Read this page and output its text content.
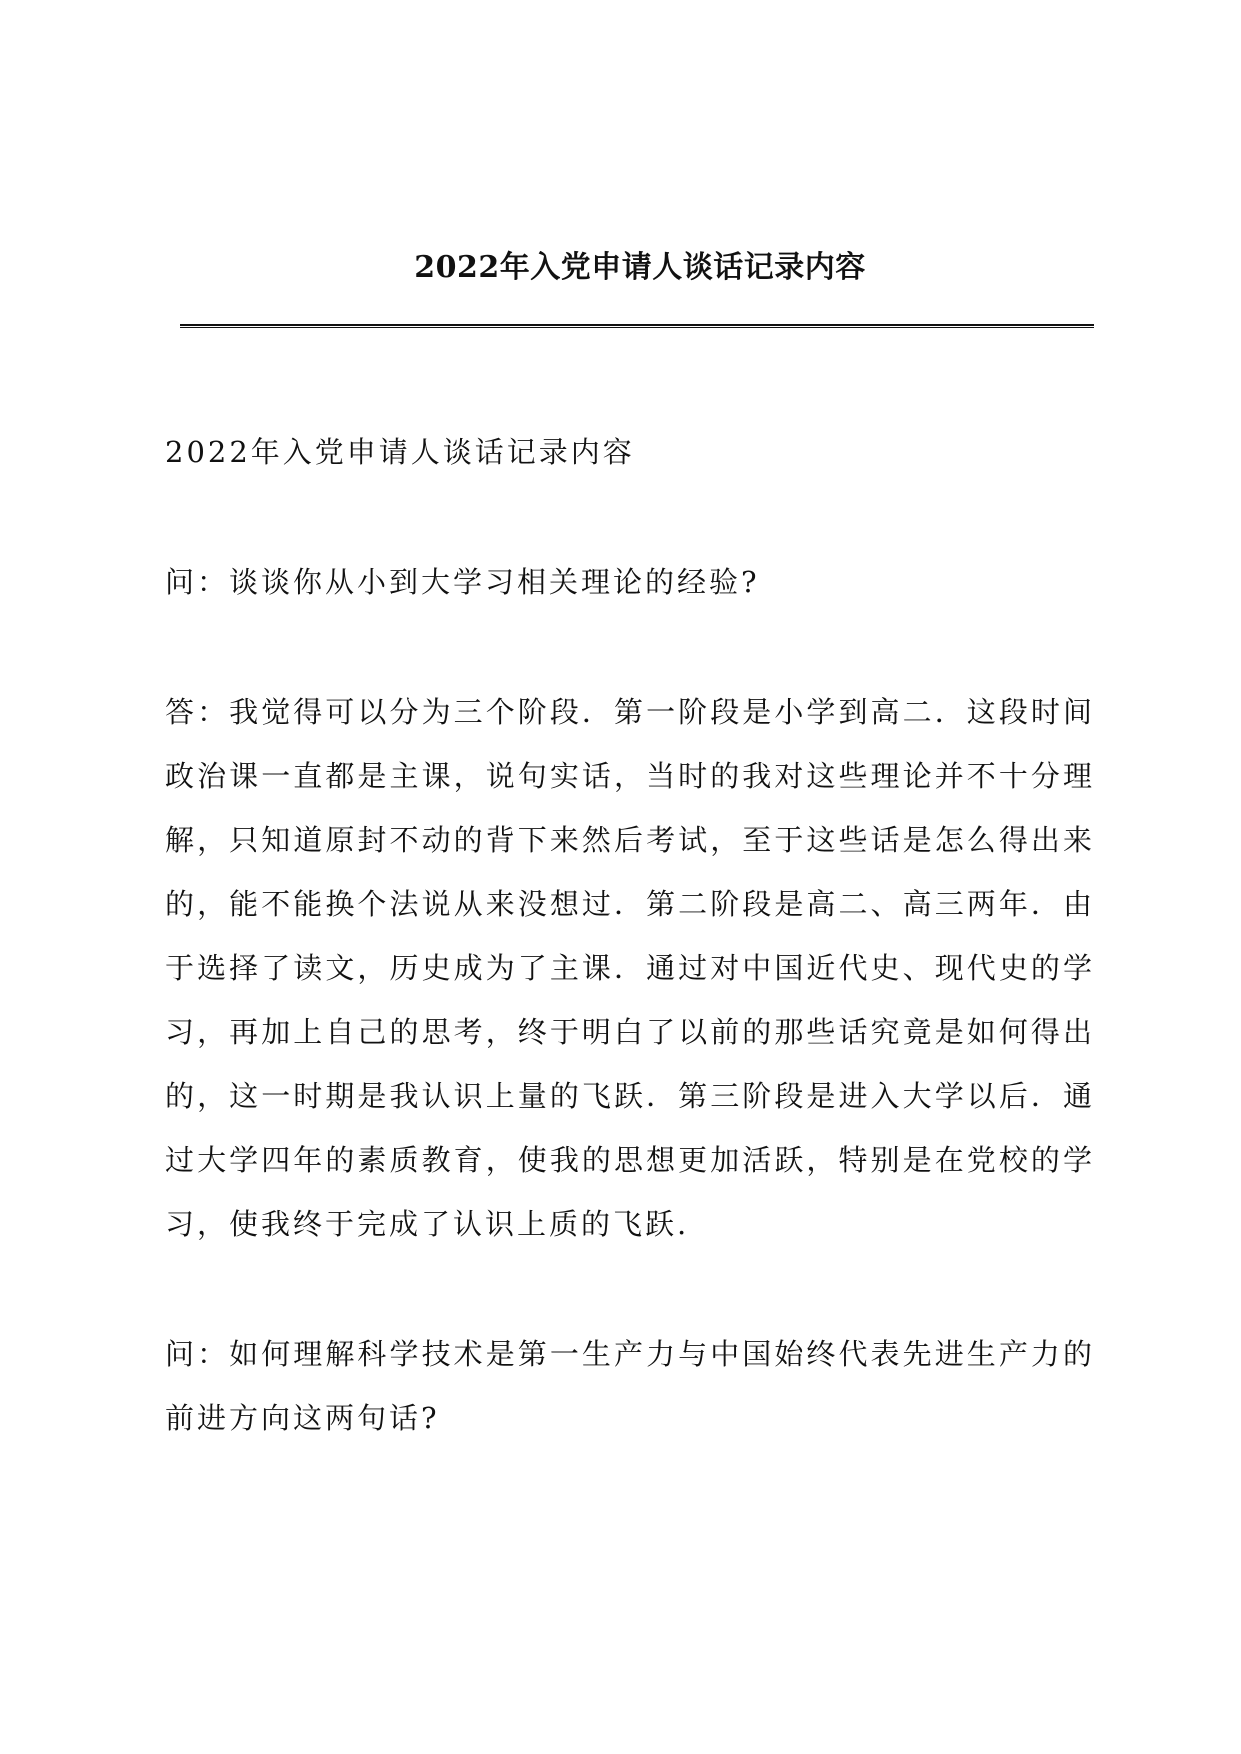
2022年入党申请人谈话记录内容

2022年入党申请人谈话记录内容

问：谈谈你从小到大学习相关理论的经验?

答：我觉得可以分为三个阶段．第一阶段是小学到高二．这段时间政治课一直都是主课，说句实话，当时的我对这些理论并不十分理解，只知道原封不动的背下来然后考试，至于这些话是怎么得出来的，能不能换个法说从来没想过．第二阶段是高二、高三两年．由于选择了读文，历史成为了主课．通过对中国近代史、现代史的学习，再加上自己的思考，终于明白了以前的那些话究竟是如何得出的，这一时期是我认识上量的飞跃．第三阶段是进入大学以后．通过大学四年的素质教育，使我的思想更加活跃，特别是在党校的学习，使我终于完成了认识上质的飞跃.

问：如何理解科学技术是第一生产力与中国始终代表先进生产力的前进方向这两句话?
